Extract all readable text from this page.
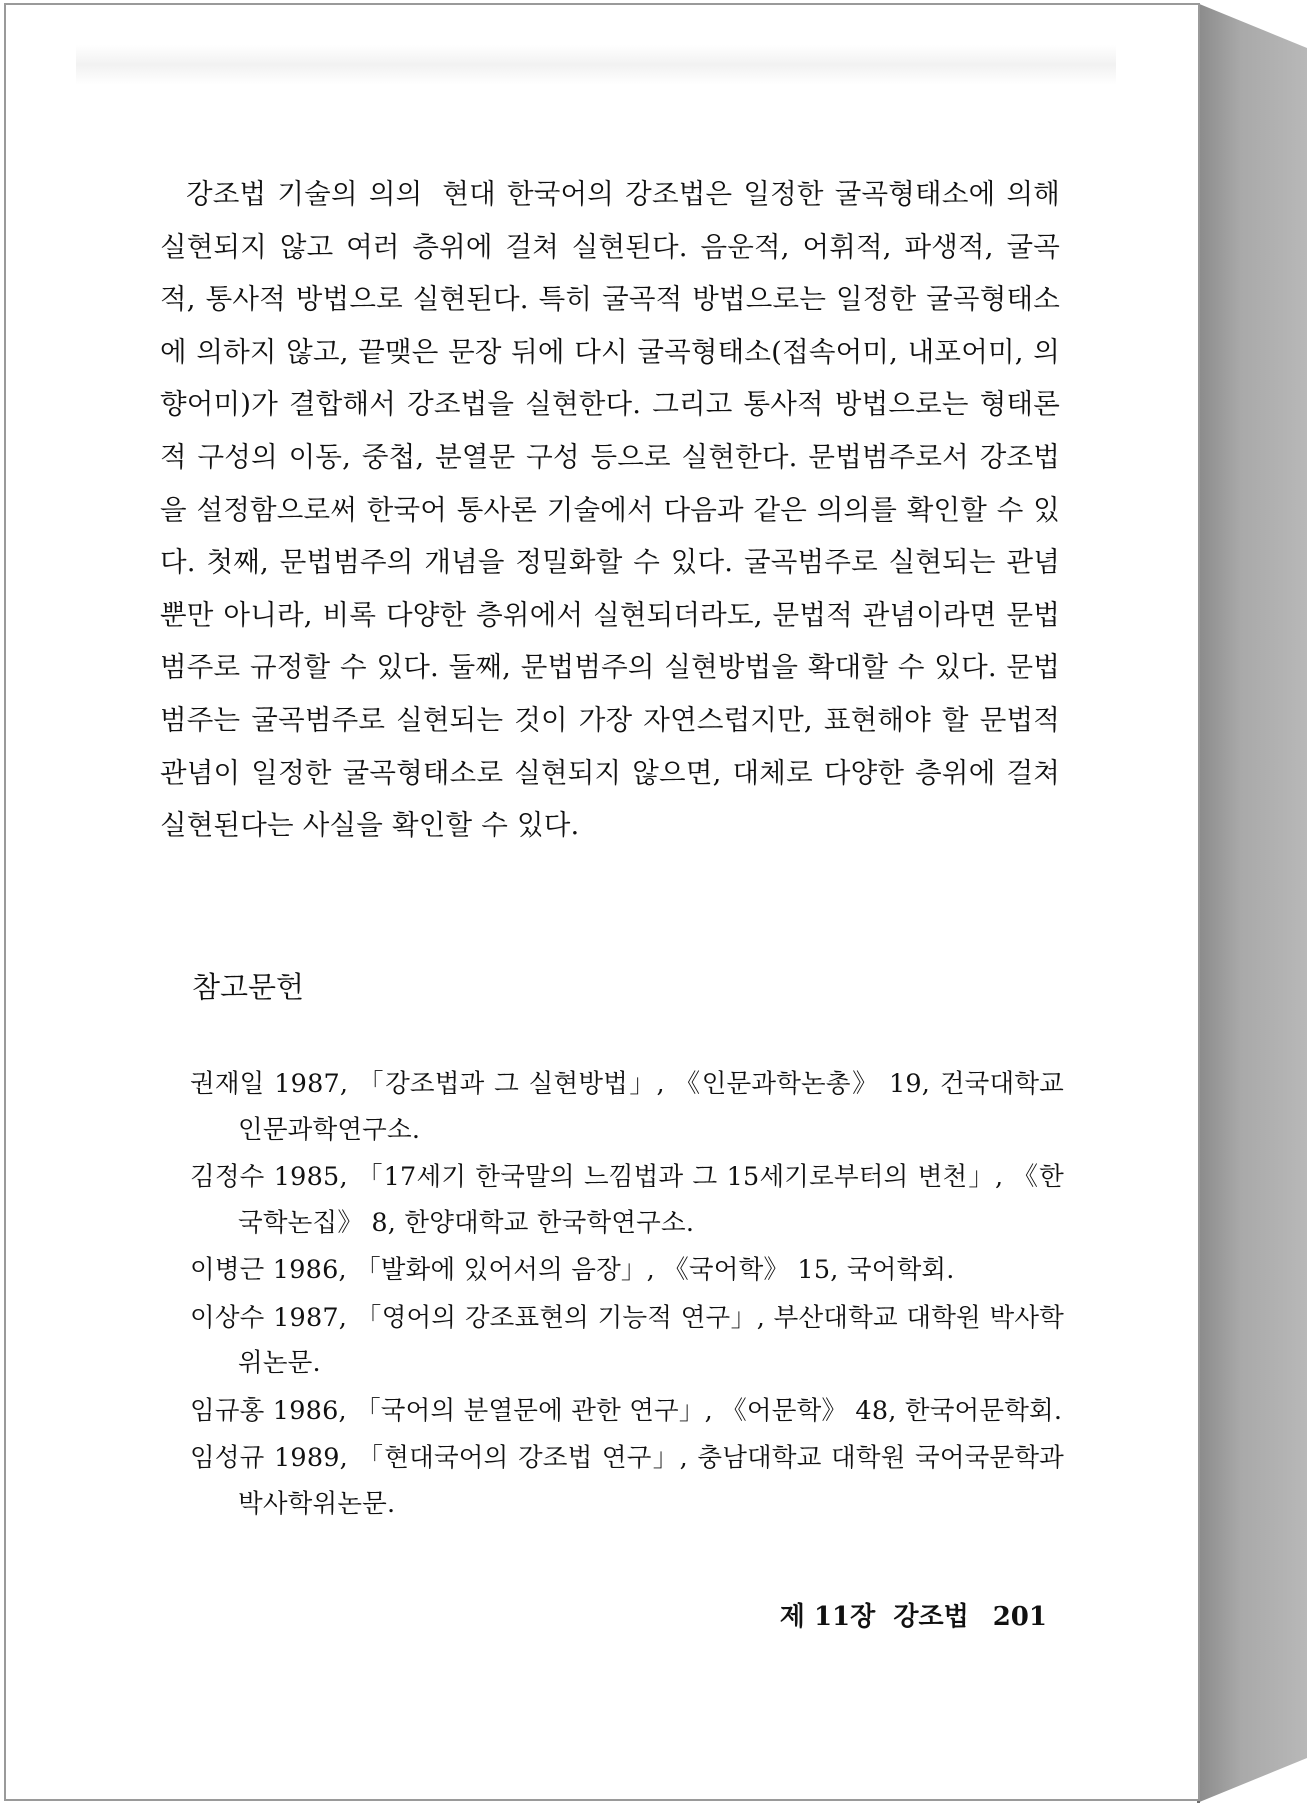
강조법 기술의 의의 현대 한국어의 강조법은 일정한 굴곡형태소에 의해 실현되지 않고 여러 층위에 걸쳐 실현된다. 음운적, 어휘적, 파생적, 굴곡적, 통사적 방법으로 실현된다. 특히 굴곡적 방법으로는 일정한 굴곡형태소에 의하지 않고, 끝맺은 문장 뒤에 다시 굴곡형태소(접속어미, 내포어미, 의향어미)가 결합해서 강조법을 실현한다. 그리고 통사적 방법으로는 형태론적 구성의 이동, 중첩, 분열문 구성 등으로 실현한다. 문법범주로서 강조법을 설정함으로써 한국어 통사론 기술에서 다음과 같은 의의를 확인할 수 있다. 첫째, 문법범주의 개념을 정밀화할 수 있다. 굴곡범주로 실현되는 관념뿐만 아니라, 비록 다양한 층위에서 실현되더라도, 문법적 관념이라면 문법범주로 규정할 수 있다. 둘째, 문법범주의 실현방법을 확대할 수 있다. 문법범주는 굴곡범주로 실현되는 것이 가장 자연스럽지만, 표현해야 할 문법적 관념이 일정한 굴곡형태소로 실현되지 않으면, 대체로 다양한 층위에 걸쳐 실현된다는 사실을 확인할 수 있다.

참고문헌
권재일 1987, 「강조법과 그 실현방법」, 《인문과학논총》 19, 건국대학교 인문과학연구소.
김정수 1985, 「17세기 한국말의 느낌법과 그 15세기로부터의 변천」, 《한국학논집》 8, 한양대학교 한국학연구소.
이병근 1986, 「발화에 있어서의 음장」, 《국어학》 15, 국어학회.
이상수 1987, 「영어의 강조표현의 기능적 연구」, 부산대학교 대학원 박사학위논문.
임규홍 1986, 「국어의 분열문에 관한 연구」, 《어문학》 48, 한국어문학회.
임성규 1989, 「현대국어의 강조법 연구」, 충남대학교 대학원 국어국문학과 박사학위논문.
제 11장  강조법 201
